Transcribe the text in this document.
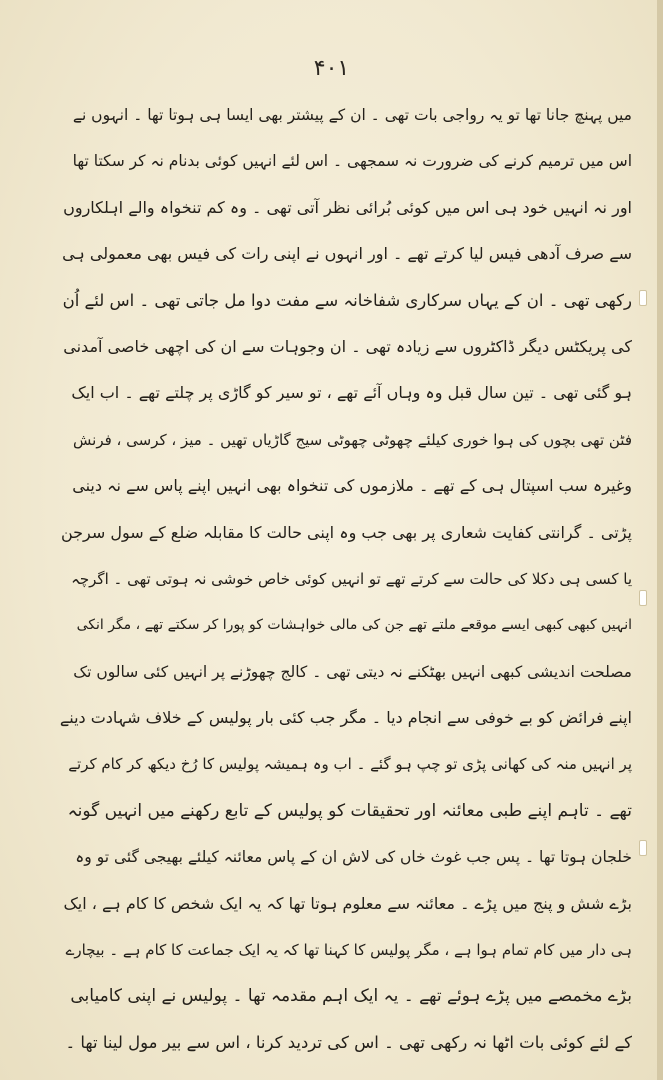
۴۰۱
میں پہنچ جانا تھا تو یہ رواجی بات تھی ۔ ان کے پیشتر بھی ایسا ہی ہوتا تھا ۔ انہوں نے
اس میں ترمیم کرنے کی ضرورت نہ سمجھی ۔ اس لئے انہیں کوئی بدنام نہ کر سکتا تھا
اور نہ انہیں خود ہی اس میں کوئی بُرائی نظر آتی تھی ۔ وہ کم تنخواہ والے اہلکاروں
سے صرف آدھی فیس لیا کرتے تھے ۔ اور انہوں نے اپنی رات کی فیس بھی معمولی ہی
رکھی تھی ۔ ان کے یہاں سرکاری شفاخانہ سے مفت دوا مل جاتی تھی ۔ اس لئے اُن
کی پریکٹس دیگر ڈاکٹروں سے زیادہ تھی ۔ ان وجوہات سے ان کی اچھی خاصی آمدنی
ہو گئی تھی ۔ تین سال قبل وہ وہاں آئے تھے ، تو سیر کو گاڑی پر چلتے تھے ۔ اب ایک
فٹن تھی بچوں کی ہوا خوری کیلئے چھوٹی چھوٹی سیج گاڑیاں تھیں ۔ میز ، کرسی ، فرنش
وغیرہ سب اسپتال ہی کے تھے ۔ ملازموں کی تنخواہ بھی انہیں اپنے پاس سے نہ دینی
پڑتی ۔ گرانتی کفایت شعاری پر بھی جب وہ اپنی حالت کا مقابلہ ضلع کے سول سرجن
یا کسی ہی دکلا کی حالت سے کرتے تھے تو انہیں کوئی خاص خوشی نہ ہوتی تھی ۔ اگرچہ
انہیں کبھی کبھی ایسے موقعے ملتے تھے جن کی مالی خواہشات کو پورا کر سکتے تھے ، مگر انکی
مصلحت اندیشی کبھی انہیں بھٹکنے نہ دیتی تھی ۔ کالج چھوڑنے پر انہیں کئی سالوں تک
اپنے فرائض کو بے خوفی سے انجام دیا ۔ مگر جب کئی بار پولیس کے خلاف شہادت دینے
پر انہیں منہ کی کھانی پڑی تو چپ ہو گئے ۔ اب وہ ہمیشہ پولیس کا رُخ دیکھ کر کام کرتے
تھے ۔ تاہم اپنے طبی معائنہ اور تحقیقات کو پولیس کے تابع رکھنے میں انہیں گونہ
خلجان ہوتا تھا ۔ پس جب غوث خاں کی لاش ان کے پاس معائنہ کیلئے بھیجی گئی تو وہ
بڑے شش و پنج میں پڑے ۔ معائنہ سے معلوم ہوتا تھا کہ یہ ایک شخص کا کام ہے ، ایک
ہی دار میں کام تمام ہوا ہے ، مگر پولیس کا کہنا تھا کہ یہ ایک جماعت کا کام ہے ۔ بیچارے
بڑے مخمصے میں پڑے ہوئے تھے ۔ یہ ایک اہم مقدمہ تھا ۔ پولیس نے اپنی کامیابی
کے لئے کوئی بات اٹھا نہ رکھی تھی ۔ اس کی تردید کرنا ، اس سے بیر مول لینا تھا ۔
